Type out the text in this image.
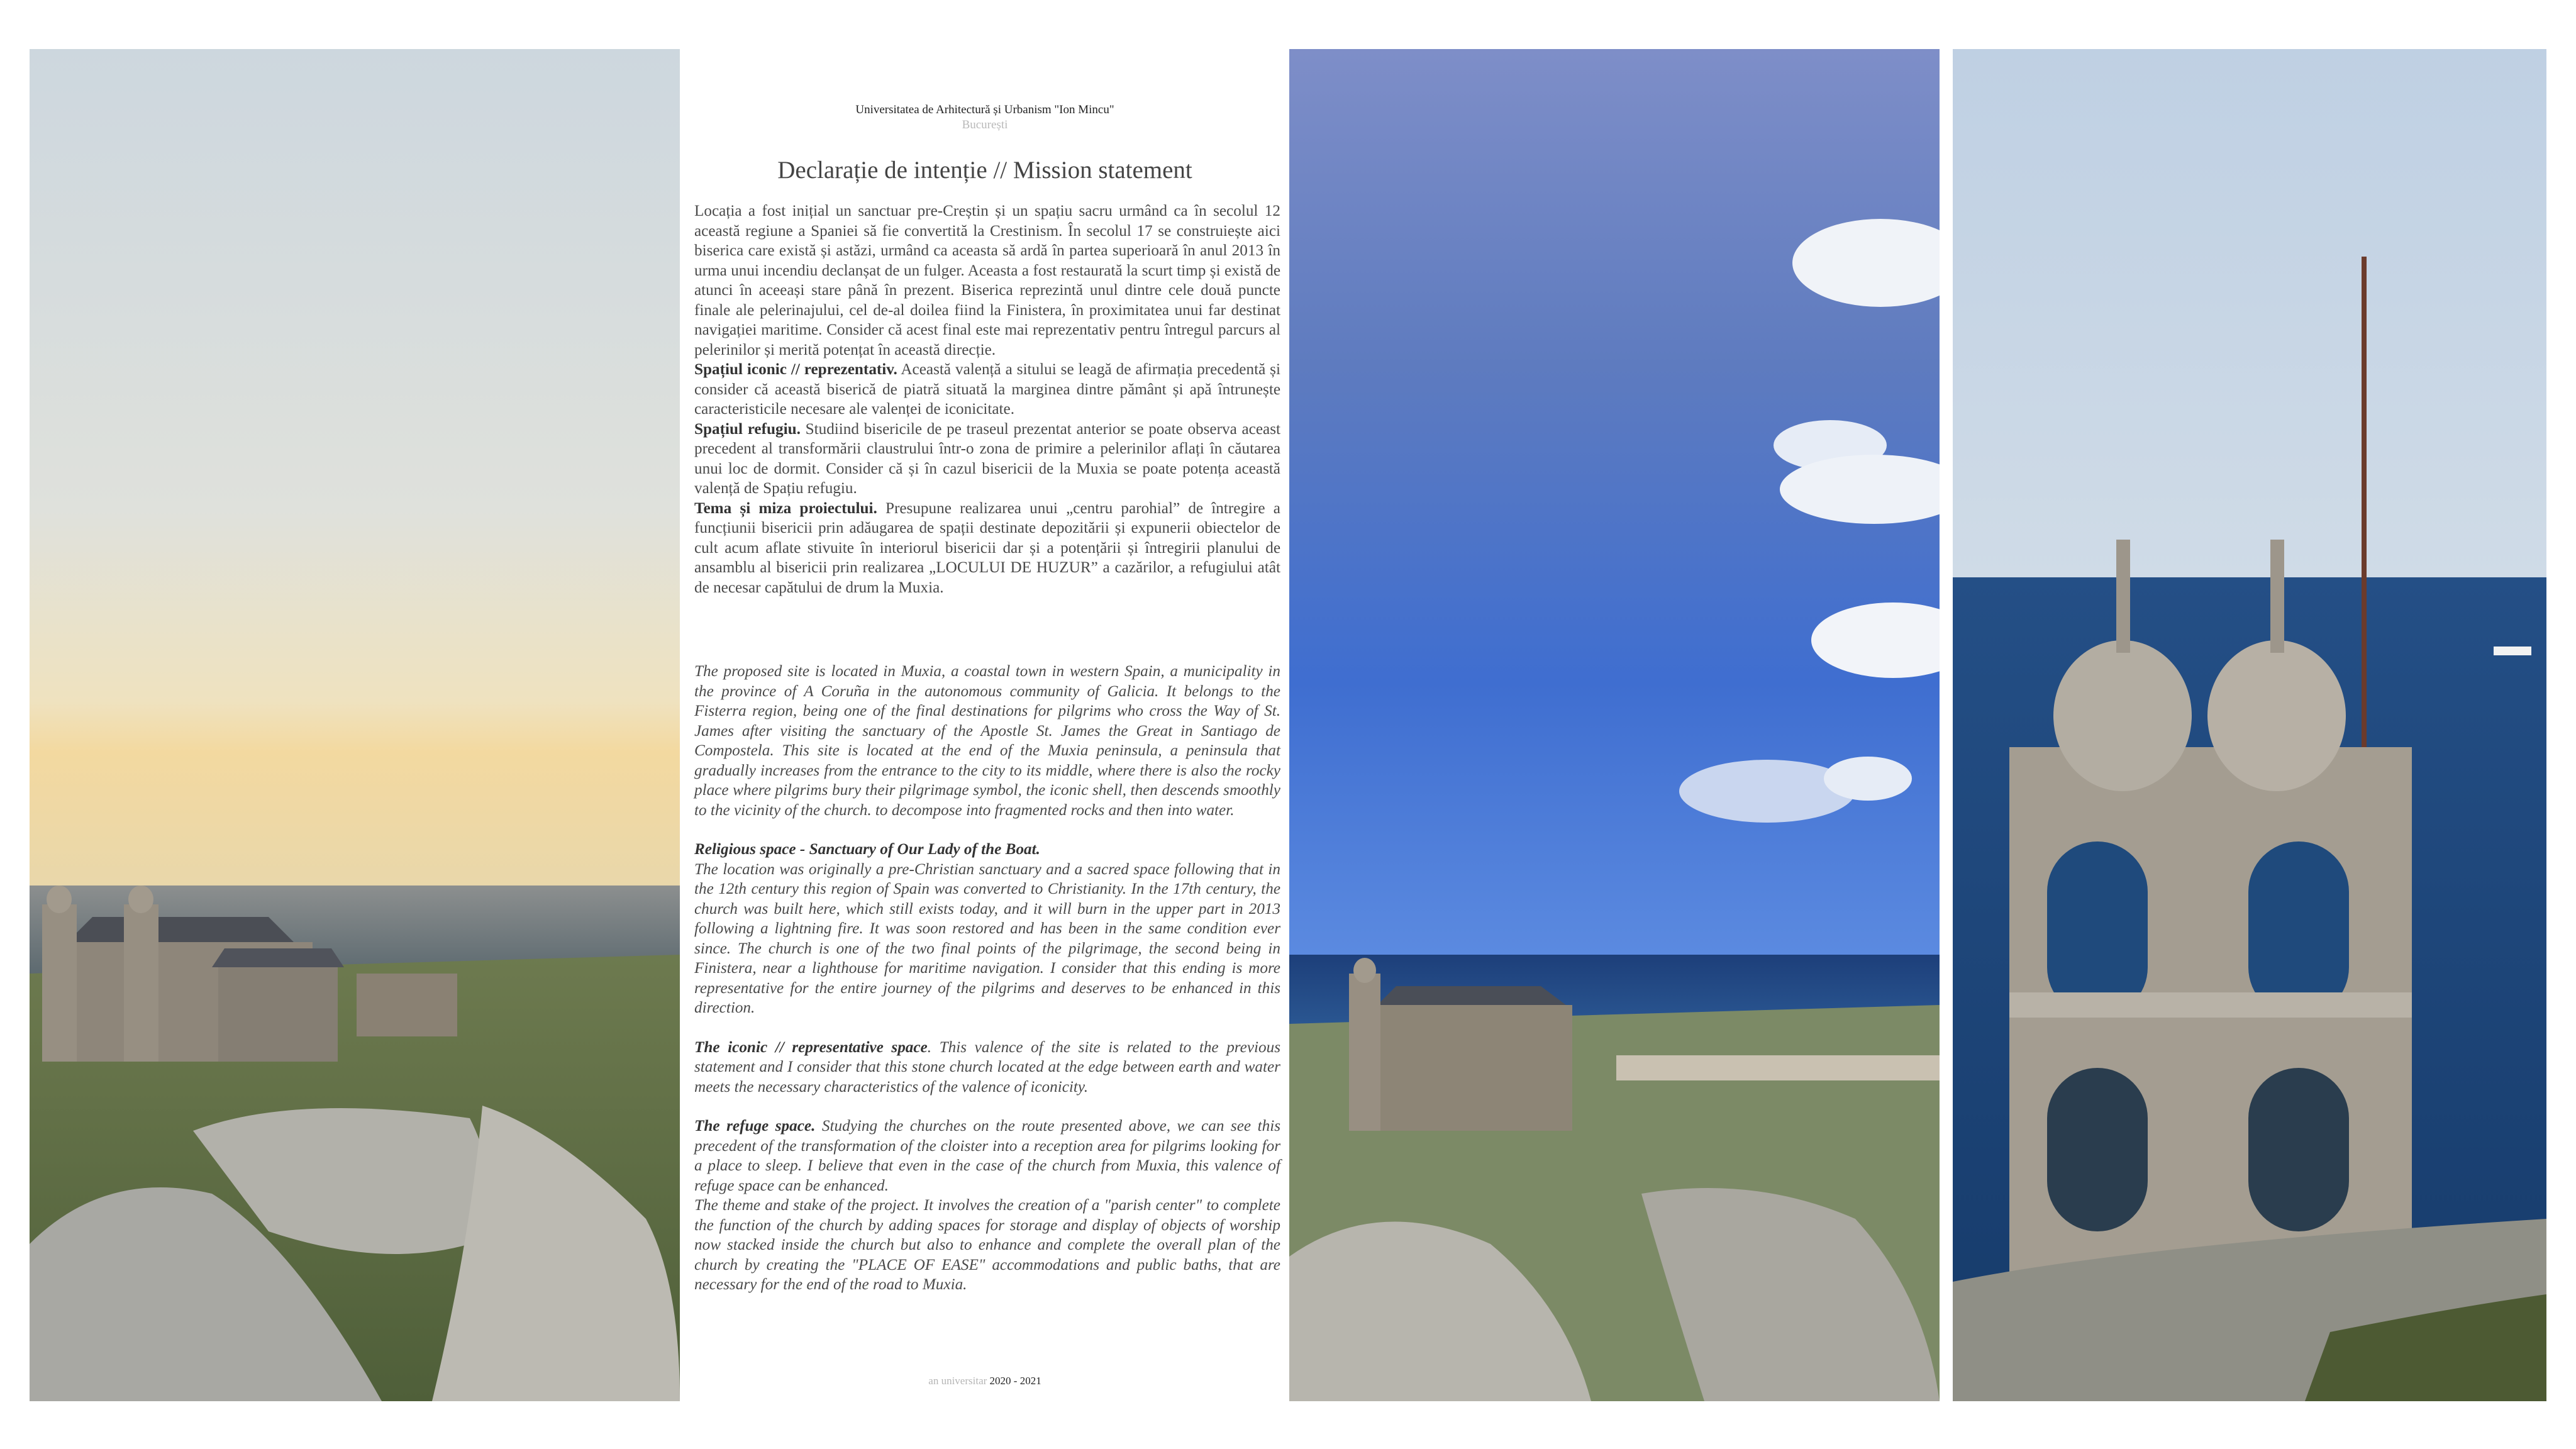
Universitatea de Arhitectură și Urbanism "Ion Mincu"
București
Declarație de intenție // Mission statement

Locația a fost inițial un sanctuar pre-Creștin și un spațiu sacru urmând ca în secolul 12 această regiune a Spaniei să fie convertită la Crestinism. În secolul 17 se construiește aici biserica care există și astăzi, urmând ca aceasta să ardă în partea superioară în anul 2013 în urma unui incendiu declanșat de un fulger. Aceasta a fost restaurată la scurt timp și există de atunci în aceeași stare până în prezent. Biserica reprezintă unul dintre cele două puncte finale ale pelerinajului, cel de-al doilea fiind la Finistera, în proximitatea unui far destinat navigației maritime. Consider că acest final este mai reprezentativ pentru întregul parcurs al pelerinilor și merită potențat în această direcție.

Spațiul iconic // reprezentativ. Această valență a sitului se leagă de afirmația precedentă și consider că această biserică de piatră situată la marginea dintre pământ și apă întrunește caracteristicile necesare ale valenței de iconicitate.

Spațiul refugiu. Studiind bisericile de pe traseul prezentat anterior se poate observa aceast precedent al transformării claustrului într-o zona de primire a pelerinilor aflați în căutarea unui loc de dormit. Consider că și în cazul bisericii de la Muxia se poate potența această valență de Spațiu refugiu.

Tema și miza proiectului. Presupune realizarea unui „centru parohial” de întregire a funcțiunii bisericii prin adăugarea de spații destinate depozitării și expunerii obiectelor de cult acum aflate stivuite în interiorul bisericii dar și a potențării și întregirii planului de ansamblu al bisericii prin realizarea „LOCULUI DE HUZUR” a cazărilor, a refugiului atât de necesar capătului de drum la Muxia.

The proposed site is located in Muxia, a coastal town in western Spain, a municipality in the province of A Coruña in the autonomous community of Galicia. It belongs to the Fisterra region, being one of the final destinations for pilgrims who cross the Way of St. James after visiting the sanctuary of the Apostle St. James the Great in Santiago de Compostela. This site is located at the end of the Muxia peninsula, a peninsula that gradually increases from the entrance to the city to its middle, where there is also the rocky place where pilgrims bury their pilgrimage symbol, the iconic shell, then descends smoothly to the vicinity of the church. to decompose into fragmented rocks and then into water.

Religious space - Sanctuary of Our Lady of the Boat.

The location was originally a pre-Christian sanctuary and a sacred space following that in the 12th century this region of Spain was converted to Christianity. In the 17th century, the church was built here, which still exists today, and it will burn in the upper part in 2013 following a lightning fire. It was soon restored and has been in the same condition ever since. The church is one of the two final points of the pilgrimage, the second being in Finistera, near a lighthouse for maritime navigation. I consider that this ending is more representative for the entire journey of the pilgrims and deserves to be enhanced in this direction.

The iconic // representative space. This valence of the site is related to the previous statement and I consider that this stone church located at the edge between earth and water meets the necessary characteristics of the valence of iconicity.

The refuge space. Studying the churches on the route presented above, we can see this precedent of the transformation of the cloister into a reception area for pilgrims looking for a place to sleep. I believe that even in the case of the church from Muxia, this valence of refuge space can be enhanced.

The theme and stake of the project. It involves the creation of a "parish center" to complete the function of the church by adding spaces for storage and display of objects of worship now stacked inside the church but also to enhance and complete the overall plan of the church by creating the "PLACE OF EASE" accommodations and public baths, that are necessary for the end of the road to Muxia.

an universitar 2020 - 2021
